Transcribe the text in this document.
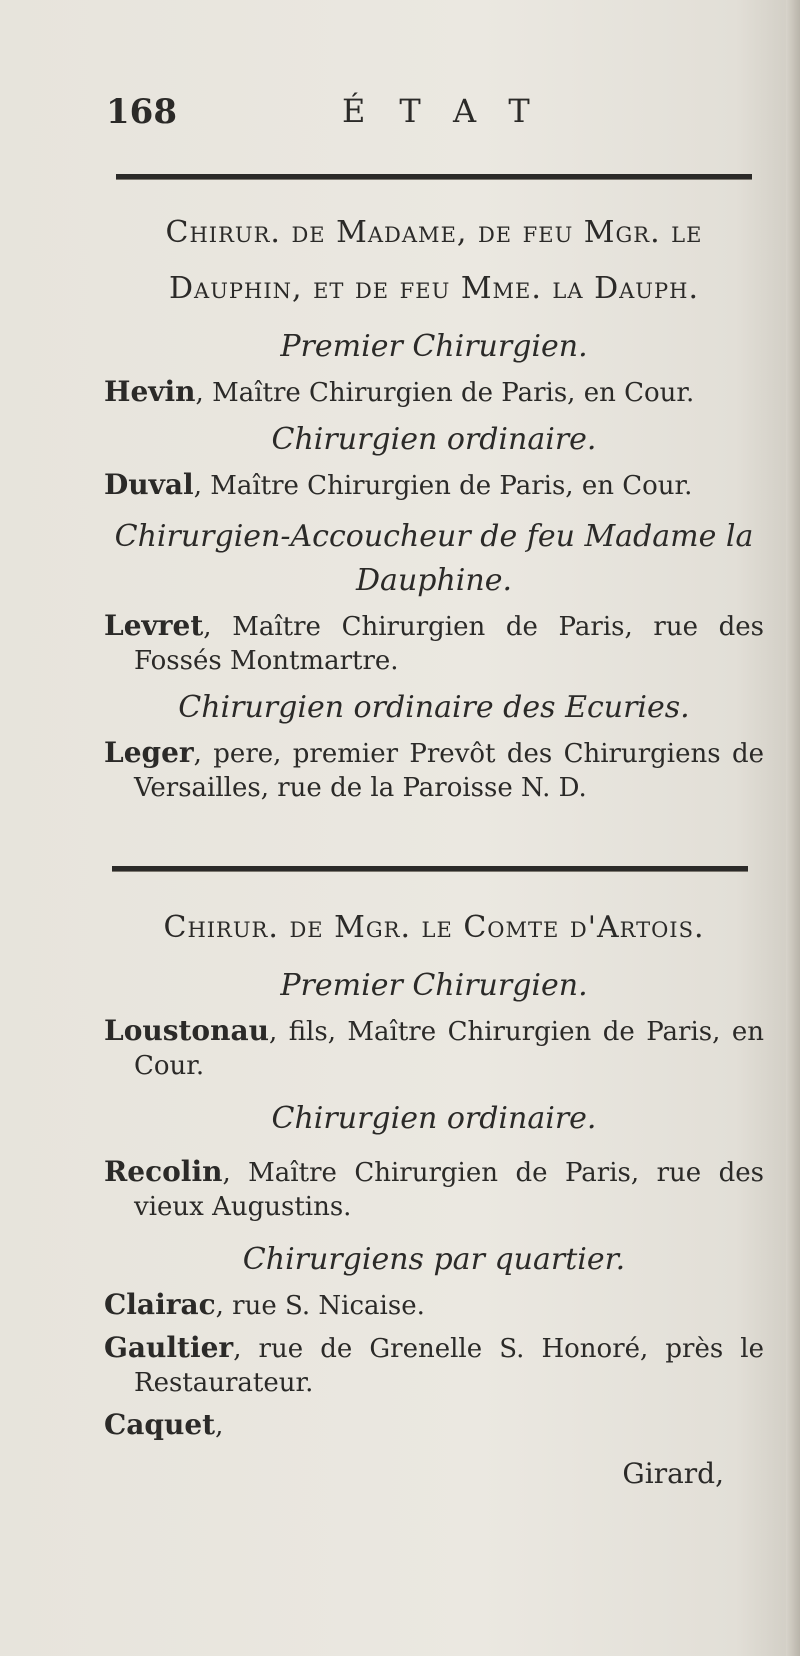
168	ÉTAT

Chirur. de Madame, de feu Mgr. le

Dauphin, et de feu Mme. la Dauph.

Premier Chirurgien.

Hevin, Maître Chirurgien de Paris, en Cour.

Chirurgien ordinaire.

Duval, Maître Chirurgien de Paris, en Cour.

Chirurgien-Accoucheur de feu Madame la

Dauphine.

Levret, Maître Chirurgien de Paris, rue des Fossés Montmartre.

Chirurgien ordinaire des Ecuries.

Leger, pere, premier Prevôt des Chirurgiens de Versailles, rue de la Paroisse N. D.

Chirur. de Mgr. le Comte d'Artois.

Premier Chirurgien.

Loustonau, fils, Maître Chirurgien de Paris, en Cour.

Chirurgien ordinaire.

Recolin, Maître Chirurgien de Paris, rue des vieux Augustins.

Chirurgiens par quartier.

Clairac, rue S. Nicaise.

Gaultier, rue de Grenelle S. Honoré, près le Restaurateur.

Caquet,

Girard,
